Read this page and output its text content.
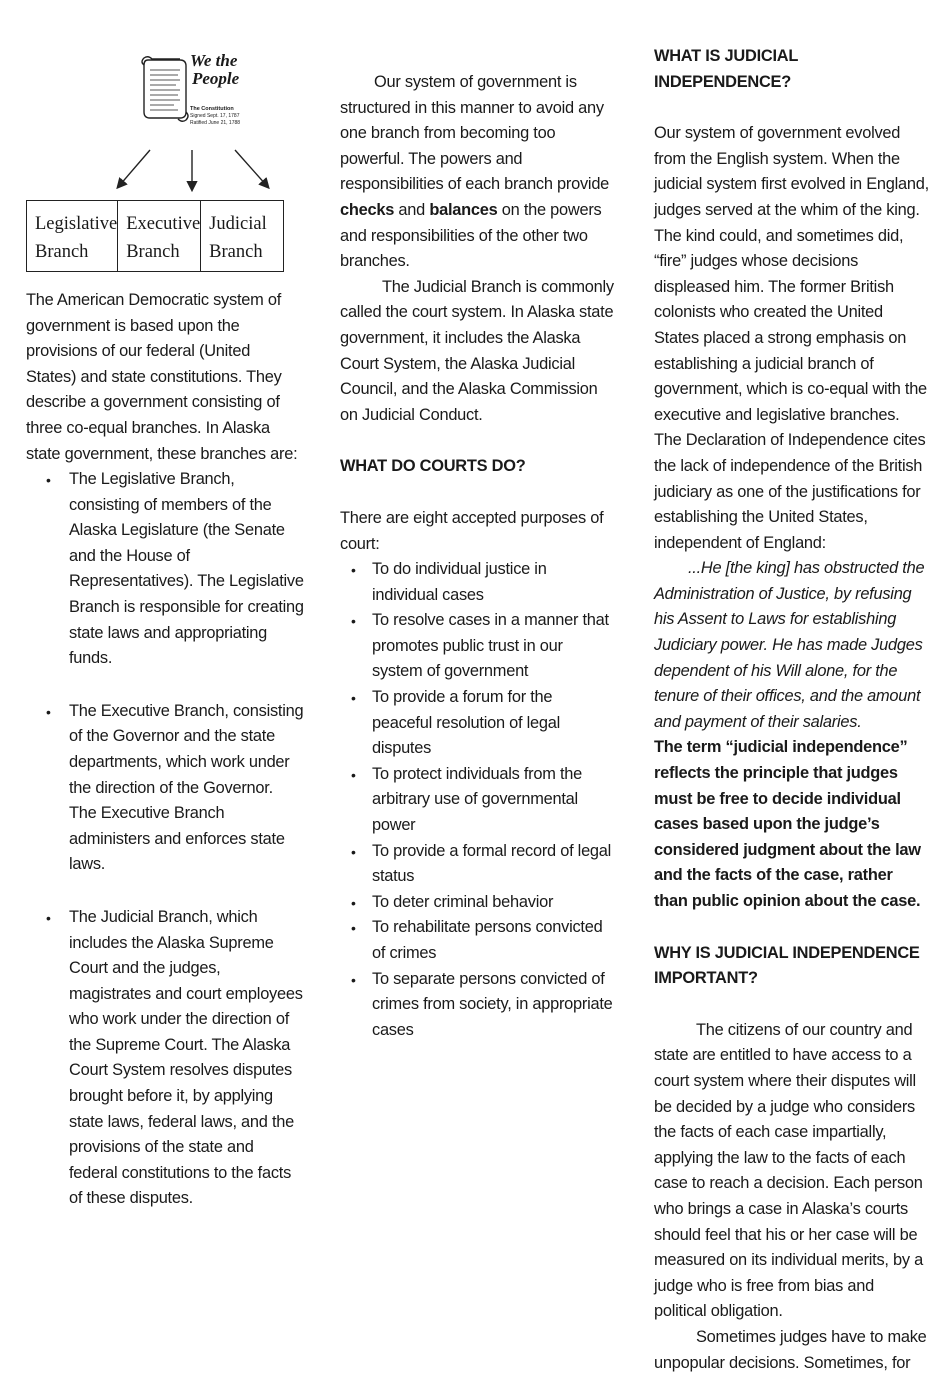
We the
People
The Constitution
Signed Sept. 17, 1787
Ratified June 21, 1788
Legislative
Branch
Executive
Branch
Judicial
Branch

The American Democratic system of government is based upon the provisions of our federal (United States) and state constitutions. They describe a government consisting of three co-equal branches. In Alaska state government, these branches are:

• The Legislative Branch, consisting of members of the Alaska Legislature (the Senate and the House of Representatives). The Legislative Branch is responsible for creating state laws and appropriating funds.
• The Executive Branch, consisting of the Governor and the state departments, which work under the direction of the Governor. The Executive Branch administers and enforces state laws.
• The Judicial Branch, which includes the Alaska Supreme Court and the judges, magistrates and court employees who work under the direction of the Supreme Court. The Alaska Court System resolves disputes brought before it, by applying state laws, federal laws, and the provisions of the state and federal constitutions to the facts of these disputes.

Our system of government is structured in this manner to avoid any one branch from becoming too powerful. The powers and responsibilities of each branch provide checks and balances on the powers and responsibilities of the other two branches.

The Judicial Branch is commonly called the court system. In Alaska state government, it includes the Alaska Court System, the Alaska Judicial Council, and the Alaska Commission on Judicial Conduct.

WHAT DO COURTS DO?

There are eight accepted purposes of court:

• To do individual justice in individual cases
• To resolve cases in a manner that promotes public trust in our system of government
• To provide a forum for the peaceful resolution of legal disputes
• To protect individuals from the arbitrary use of governmental power
• To provide a formal record of legal status
• To deter criminal behavior
• To rehabilitate persons convicted of crimes
• To separate persons convicted of crimes from society, in appropriate cases

WHAT IS JUDICIAL INDEPENDENCE?

Our system of government evolved from the English system. When the judicial system first evolved in England, judges served at the whim of the king. The kind could, and sometimes did, “fire” judges whose decisions displeased him. The former British colonists who created the United States placed a strong emphasis on establishing a judicial branch of government, which is co-equal with the executive and legislative branches. The Declaration of Independence cites the lack of independence of the British judiciary as one of the justifications for establishing the United States, independent of England:

...He [the king] has obstructed the Administration of Justice, by refusing his Assent to Laws for establishing Judiciary power. He has made Judges dependent of his Will alone, for the tenure of their offices, and the amount and payment of their salaries.

The term “judicial independence” reflects the principle that judges must be free to decide individual cases based upon the judge’s considered judgment about the law and the facts of the case, rather than public opinion about the case.

WHY IS JUDICIAL INDEPENDENCE IMPORTANT?

The citizens of our country and state are entitled to have access to a court system where their disputes will be decided by a judge who considers the facts of each case impartially, applying the law to the facts of each case to reach a decision. Each person who brings a case in Alaska’s courts should feel that his or her case will be measured on its individual merits, by a judge who is free from bias and political obligation.

Sometimes judges have to make unpopular decisions. Sometimes, for
